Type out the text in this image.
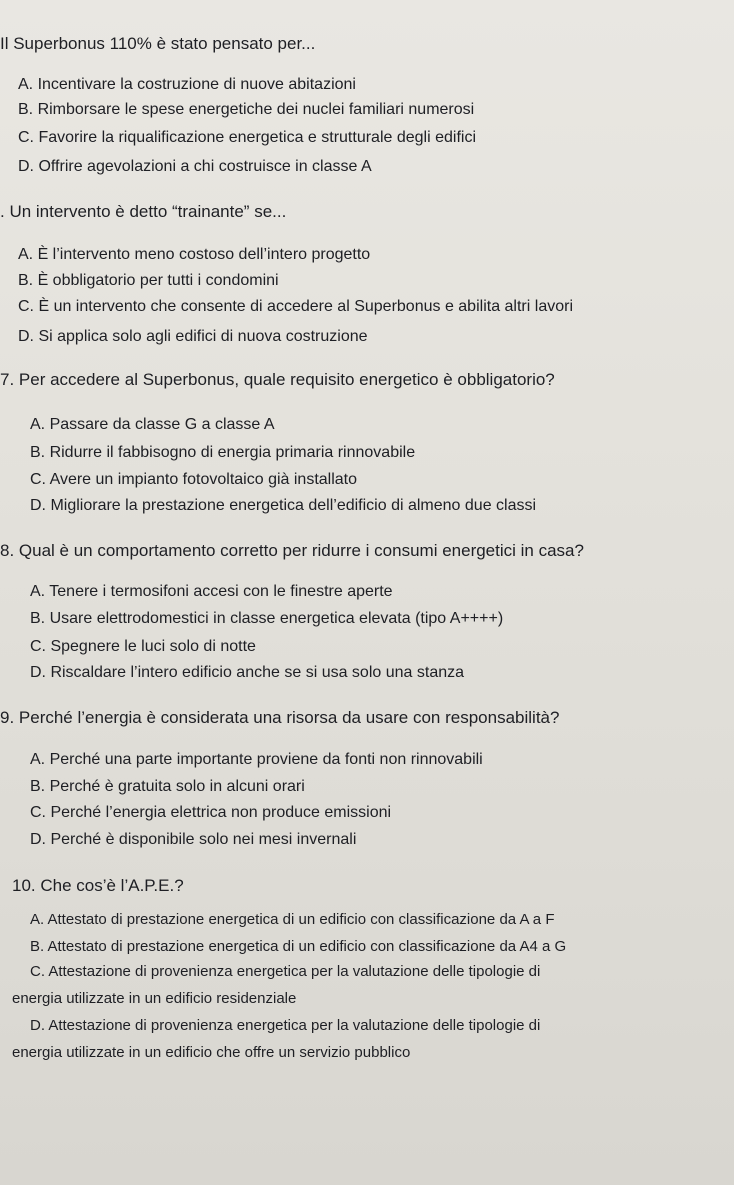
Il Superbonus 110% è stato pensato per...
A. Incentivare la costruzione di nuove abitazioni
B. Rimborsare le spese energetiche dei nuclei familiari numerosi
C. Favorire la riqualificazione energetica e strutturale degli edifici
D. Offrire agevolazioni a chi costruisce in classe A
. Un intervento è detto “trainante” se...
A. È l’intervento meno costoso dell’intero progetto
B. È obbligatorio per tutti i condomini
C. È un intervento che consente di accedere al Superbonus e abilita altri lavori
D. Si applica solo agli edifici di nuova costruzione
7. Per accedere al Superbonus, quale requisito energetico è obbligatorio?
A. Passare da classe G a classe A
B. Ridurre il fabbisogno di energia primaria rinnovabile
C. Avere un impianto fotovoltaico già installato
D. Migliorare la prestazione energetica dell’edificio di almeno due classi
8. Qual è un comportamento corretto per ridurre i consumi energetici in casa?
A. Tenere i termosifoni accesi con le finestre aperte
B. Usare elettrodomestici in classe energetica elevata (tipo A++++)
C. Spegnere le luci solo di notte
D. Riscaldare l’intero edificio anche se si usa solo una stanza
9. Perché l’energia è considerata una risorsa da usare con responsabilità?
A. Perché una parte importante proviene da fonti non rinnovabili
B. Perché è gratuita solo in alcuni orari
C. Perché l’energia elettrica non produce emissioni
D. Perché è disponibile solo nei mesi invernali
10. Che cos’è l’A.P.E.?
A. Attestato di prestazione energetica di un edificio con classificazione da A a F
B. Attestato di prestazione energetica di un edificio con classificazione da A4 a G
C. Attestazione di provenienza energetica per la valutazione delle tipologie di
energia utilizzate in un edificio residenziale
D. Attestazione di provenienza energetica per la valutazione delle tipologie di
energia utilizzate in un edificio che offre un servizio pubblico
